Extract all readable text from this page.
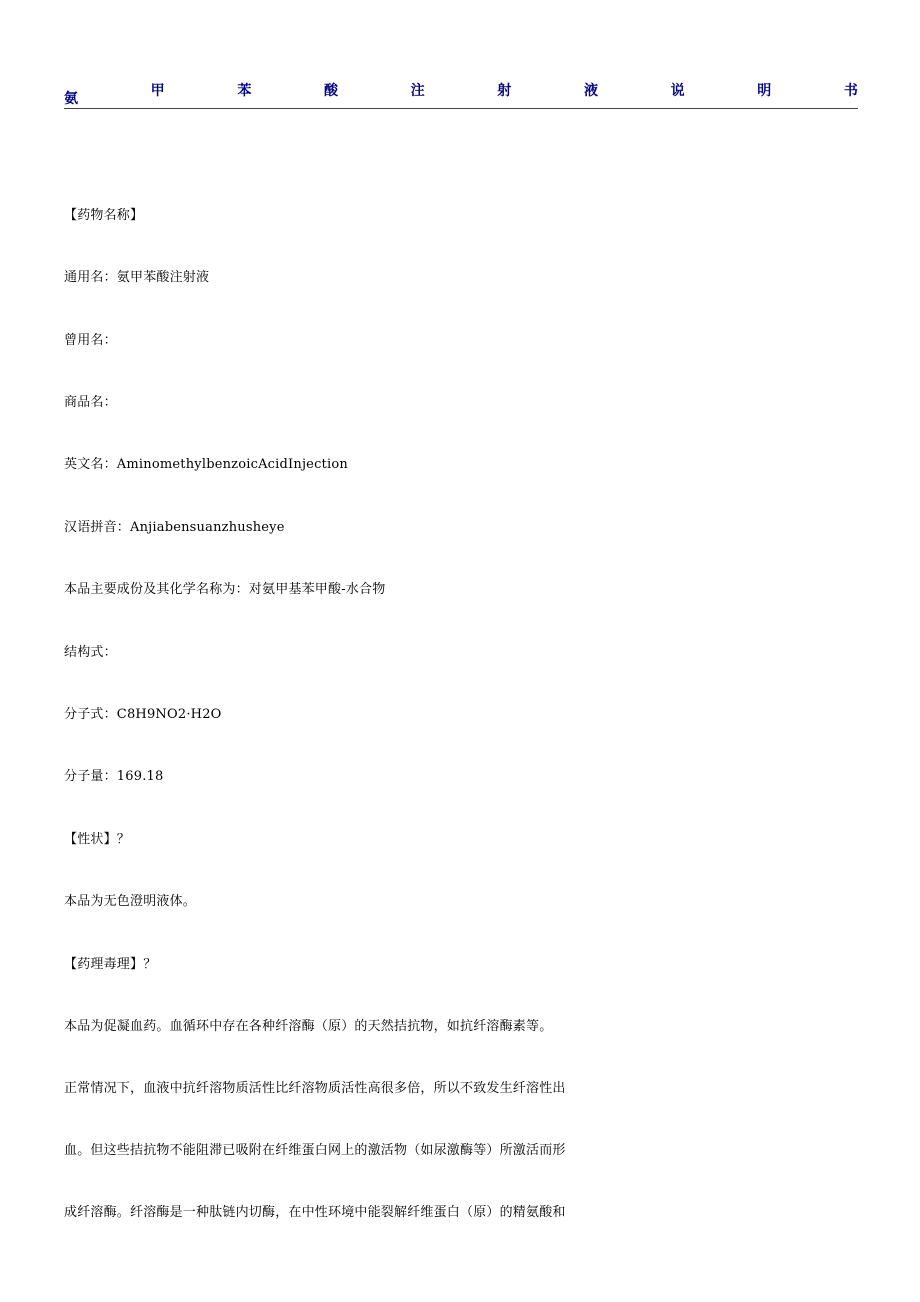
氨	甲	苯	酸	注	射	液	说	明	书
【药物名称】
通用名：氨甲苯酸注射液
曾用名：
商品名：
英文名：AminomethylbenzoicAcidInjection
汉语拼音：Anjiabensuanzhusheye
本品主要成份及其化学名称为：对氨甲基苯甲酸-水合物
结构式：
分子式：C8H9NO2·H2O
分子量：169.18
【性状】？
本品为无色澄明液体。
【药理毒理】？
本品为促凝血药。血循环中存在各种纤溶酶（原）的天然拮抗物，如抗纤溶酶素等。
正常情况下，血液中抗纤溶物质活性比纤溶物质活性高很多倍，所以不致发生纤溶性出
血。但这些拮抗物不能阻滞已吸附在纤维蛋白网上的激活物（如尿激酶等）所激活而形
成纤溶酶。纤溶酶是一种肽链内切酶，在中性环境中能裂解纤维蛋白（原）的精氨酸和
